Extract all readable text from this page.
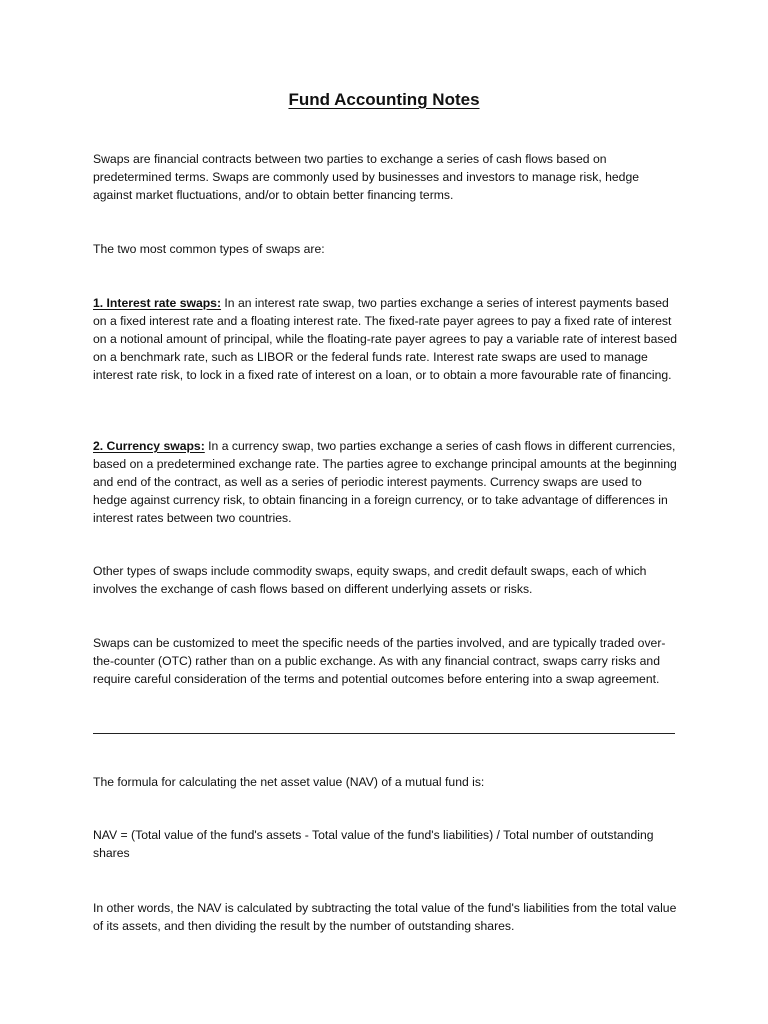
Fund Accounting Notes

Swaps are financial contracts between two parties to exchange a series of cash flows based on predetermined terms. Swaps are commonly used by businesses and investors to manage risk, hedge against market fluctuations, and/or to obtain better financing terms.

The two most common types of swaps are:

1. Interest rate swaps: In an interest rate swap, two parties exchange a series of interest payments based on a fixed interest rate and a floating interest rate. The fixed-rate payer agrees to pay a fixed rate of interest on a notional amount of principal, while the floating-rate payer agrees to pay a variable rate of interest based on a benchmark rate, such as LIBOR or the federal funds rate. Interest rate swaps are used to manage interest rate risk, to lock in a fixed rate of interest on a loan, or to obtain a more favourable rate of financing.

2. Currency swaps: In a currency swap, two parties exchange a series of cash flows in different currencies, based on a predetermined exchange rate. The parties agree to exchange principal amounts at the beginning and end of the contract, as well as a series of periodic interest payments. Currency swaps are used to hedge against currency risk, to obtain financing in a foreign currency, or to take advantage of differences in interest rates between two countries.

Other types of swaps include commodity swaps, equity swaps, and credit default swaps, each of which involves the exchange of cash flows based on different underlying assets or risks.

Swaps can be customized to meet the specific needs of the parties involved, and are typically traded over-the-counter (OTC) rather than on a public exchange. As with any financial contract, swaps carry risks and require careful consideration of the terms and potential outcomes before entering into a swap agreement.

The formula for calculating the net asset value (NAV) of a mutual fund is:

NAV = (Total value of the fund's assets - Total value of the fund's liabilities) / Total number of outstanding shares

In other words, the NAV is calculated by subtracting the total value of the fund's liabilities from the total value of its assets, and then dividing the result by the number of outstanding shares.
